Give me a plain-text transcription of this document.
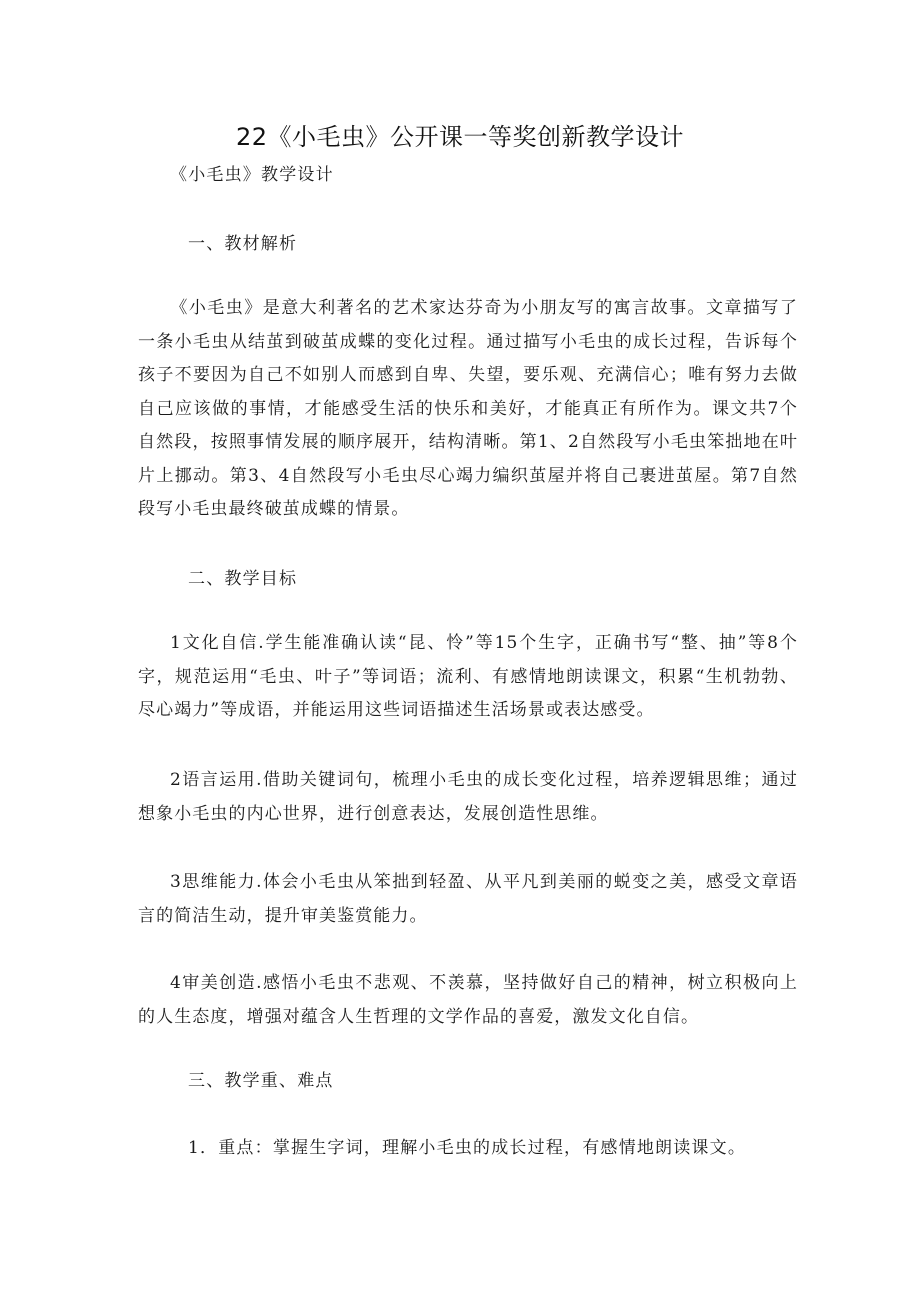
22《小毛虫》公开课一等奖创新教学设计
《小毛虫》教学设计
一、教材解析
《小毛虫》是意大利著名的艺术家达芬奇为小朋友写的寓言故事。文章描写了一条小毛虫从结茧到破茧成蝶的变化过程。通过描写小毛虫的成长过程，告诉每个孩子不要因为自己不如别人而感到自卑、失望，要乐观、充满信心；唯有努力去做自己应该做的事情，才能感受生活的快乐和美好，才能真正有所作为。课文共7个自然段，按照事情发展的顺序展开，结构清晰。第1、2自然段写小毛虫笨拙地在叶片上挪动。第3、4自然段写小毛虫尽心竭力编织茧屋并将自己裹进茧屋。第7自然段写小毛虫最终破茧成蝶的情景。
二、教学目标
1文化自信.学生能准确认读“昆、怜”等15个生字，正确书写“整、抽”等8个字，规范运用“毛虫、叶子”等词语；流利、有感情地朗读课文，积累“生机勃勃、尽心竭力”等成语，并能运用这些词语描述生活场景或表达感受。
2语言运用.借助关键词句，梳理小毛虫的成长变化过程，培养逻辑思维；通过想象小毛虫的内心世界，进行创意表达，发展创造性思维。
3思维能力.体会小毛虫从笨拙到轻盈、从平凡到美丽的蜕变之美，感受文章语言的简洁生动，提升审美鉴赏能力。
4审美创造.感悟小毛虫不悲观、不羡慕，坚持做好自己的精神，树立积极向上的人生态度，增强对蕴含人生哲理的文学作品的喜爱，激发文化自信。
三、教学重、难点
1．重点：掌握生字词，理解小毛虫的成长过程，有感情地朗读课文。
